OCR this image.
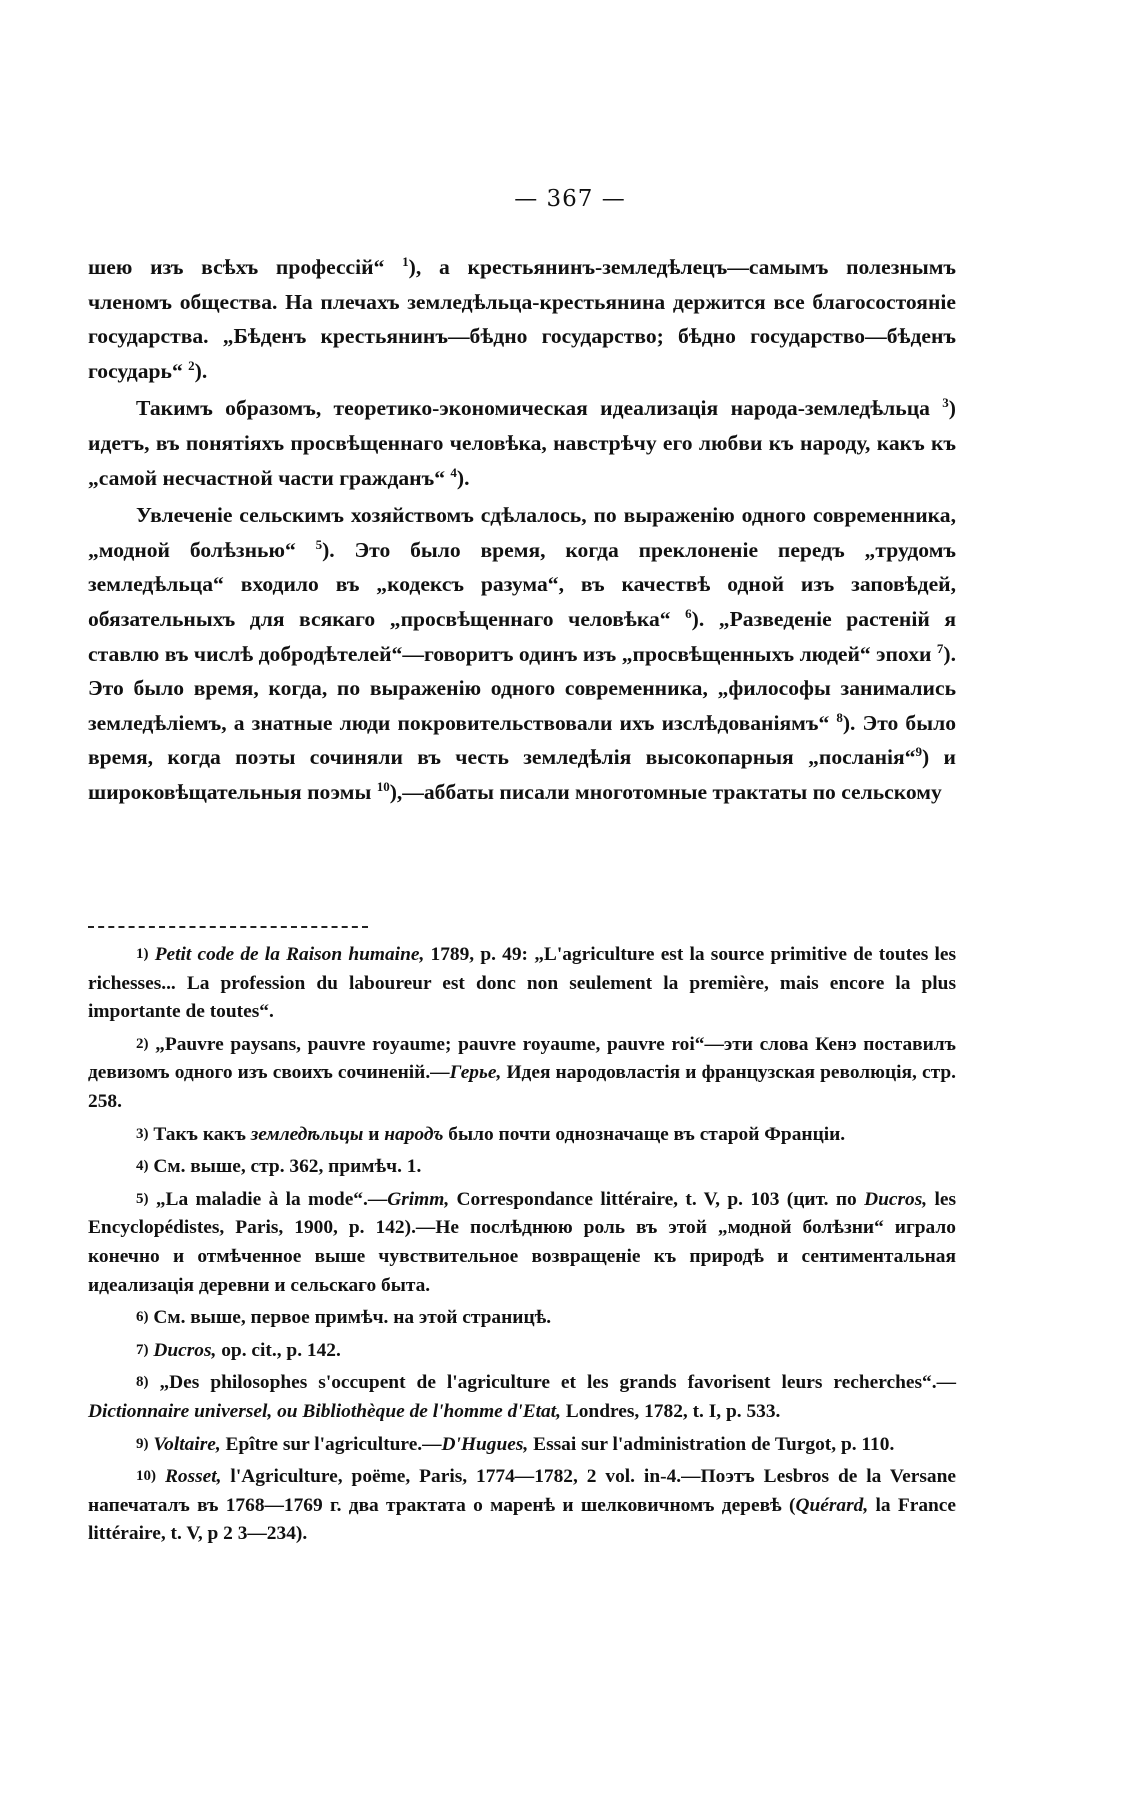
— 367 —

шею изъ всѣхъ профессій“ $^1$), а крестьянинъ-земледѣлецъ—самымъ полезнымъ членомъ общества. На плечахъ земледѣльца-крестьянина держится все благосостояніе государства. „Бѣденъ крестьянинъ—бѣдно государство; бѣдно государство—бѣденъ государь“ $^2$).

Такимъ образомъ, теоретико-экономическая идеализація народа-земледѣльца $^3$) идетъ, въ понятіяхъ просвѣщеннаго человѣка, навстрѣчу его любви къ народу, какъ къ „самой несчастной части гражданъ“ $^4$).

Увлеченіе сельскимъ хозяйствомъ сдѣлалось, по выраженію одного современника, „модной болѣзнью“ $^5$). Это было время, когда преклоненіе передъ „трудомъ земледѣльца“ входило въ „кодексъ разума“, въ качествѣ одной изъ заповѣдей, обязательныхъ для всякаго „просвѣщеннаго человѣка“ $^6$). „Разведеніе растеній я ставлю въ числѣ добродѣтелей“—говоритъ одинъ изъ „просвѣщенныхъ людей“ эпохи $^7$). Это было время, когда, по выраженію одного современника, „философы занимались земледѣліемъ, а знатные люди покровительствовали ихъ изслѣдованіямъ“ $^8$). Это было время, когда поэты сочиняли въ честь земледѣлія высокопарныя „посланія“$^9$) и широковѣщательныя поэмы $^{10}$),—аббаты писали многотомные трактаты по сельскому

1) Petit code de la Raison humaine, 1789, p. 49: „L'agriculture est la source primitive de toutes les richesses... La profession du laboureur est donc non seulement la première, mais encore la plus importante de toutes“.
2) „Pauvre paysans, pauvre royaume; pauvre royaume, pauvre roi“—эти слова Кенэ поставилъ девизомъ одного изъ своихъ сочиненій.—Герье, Идея народовластія и французская революція, стр. 258.
3) Такъ какъ земледѣльцы и народъ было почти однозначаще въ старой Франціи.
4) См. выше, стр. 362, примѣч. 1.
5) „La maladie à la mode“.—Grimm, Correspondance littéraire, t. V, p. 103 (цит. по Ducros, les Encyclopédistes, Paris, 1900, p. 142).—Не послѣднюю роль въ этой „модной болѣзни“ играло конечно и отмѣченное выше чувствительное возвращеніе къ природѣ и сентиментальная идеализація деревни и сельскаго быта.
6) См. выше, первое примѣч. на этой страницѣ.
7) Ducros, op. cit., p. 142.
8) „Des philosophes s'occupent de l'agriculture et les grands favorisent leurs recherches“.—Dictionnaire universel, ou Bibliothèque de l'homme d'Etat, Londres, 1782, t. I, p. 533.
9) Voltaire, Epître sur l'agriculture.—D'Hugues, Essai sur l'administration de Turgot, p. 110.
10) Rosset, l'Agriculture, poëme, Paris, 1774—1782, 2 vol. in-4.—Поэтъ Lesbros de la Versane напечаталъ въ 1768—1769 г. два трактата о маренѣ и шелковичномъ деревѣ (Quérard, la France littéraire, t. V, p 2 3—234).
